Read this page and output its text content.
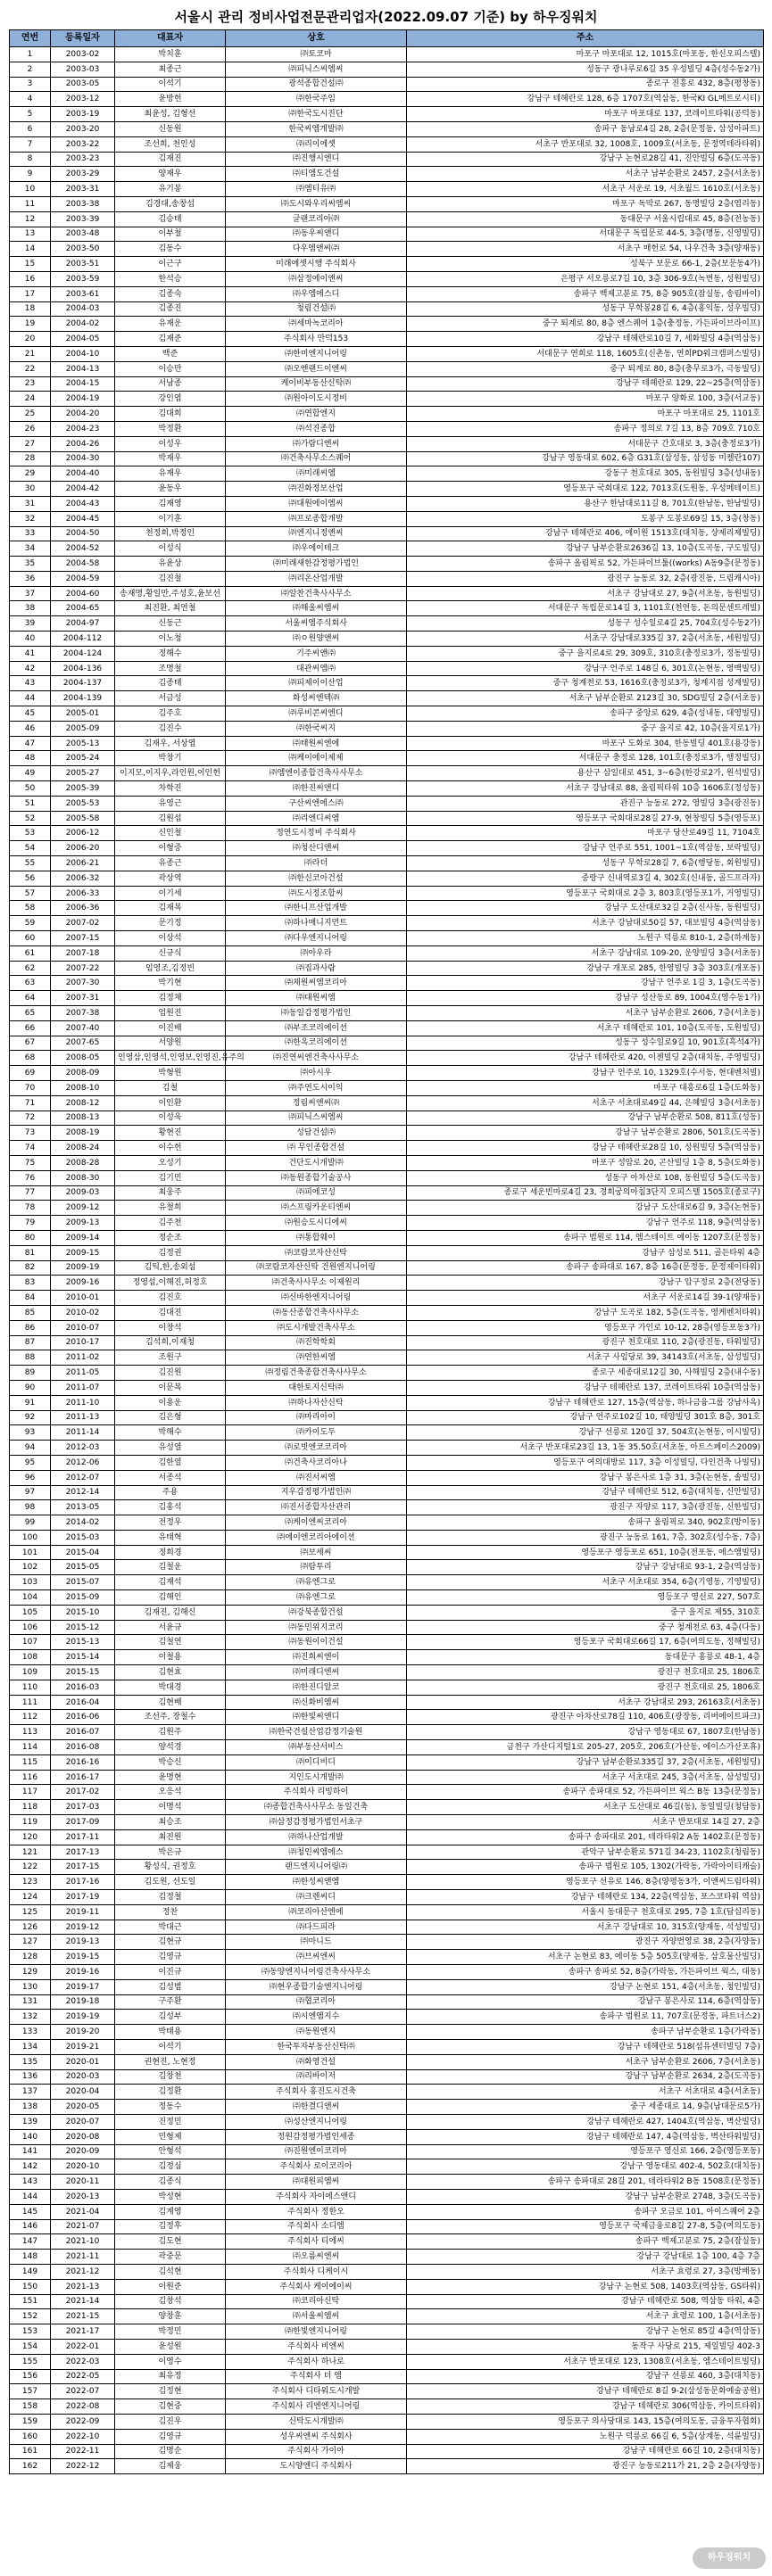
서울시 관리 정비사업전문관리업자(2022.09.07 기준) by 하우징워치
연번	등록일자	대표자	상호	주소
1	2003-02	박치훈	㈜토코마	마포구 마포대로 12, 1015호(마포동, 한신오피스텔)
2	2003-03	최종근	㈜피닉스씨엠씨	성동구 광나루로6길 35 우성빌딩 4층(성수동2가)
3	2003-05	이석기	광석종합건설㈜	종로구 진흥로 432, 8층(평창동)
4	2003-12	윤방헌	㈜한국주임	강남구 테헤란로 128, 6층 1707호(역삼동, 한국KI GL메트로시티)
5	2003-19	최윤성, 김형선	㈜한국도시진단	마포구 마포대로 137, 코레이트타워(공덕동)
6	2003-20	신동원	한국씨엠개발㈜	송파구 동남로4길 28, 2층(문정동, 삼성아파트)
7	2003-22	조선희, 천인성	㈜리이에셋	서초구 반포대로 32, 1008호, 1009호(서초동, 문정역테라타워)
8	2003-23	김재진	㈜진행시엔디	강남구 논현로28길 41, 진안빌딩 6층(도곡동)
9	2003-29	양재우	㈜티엠도건설	서초구 남부순환로 2457, 2층(서초동)
10	2003-31	유기봉	㈜엠티유㈜	서초구 서운로 19, 서초월드 1610호(서초동)
11	2003-38	김경대,송창섭	㈜도시와우리씨엠씨	마포구 독막로 267, 동명빌딩 2층(염리동)
12	2003-39	김승태	글랜코리아㈜	동대문구 서울시립대로 45, 8층(전농동)
13	2003-48	이부철	㈜동우씨앤디	서대문구 독립문로 44-5, 3층(명동, 신영빌딩)
14	2003-50	김동수	다우엠앤씨㈜	서초구 매헌로 54, 나우건축 3층(양재동)
15	2003-51	이근구	미래에셋시행 주식회사	성북구 보문로 66-1, 2층(보문동4가)
16	2003-59	한석승	㈜삼정에이앤씨	은평구 서오릉로7길 10, 3층 306-9호(녹번동, 성원빌딩)
17	2003-61	김종숙	㈜우엠에스디	송파구 백제고분로 75, 8층 905호(잠실동, 송림바이)
18	2004-03	김종진	청림건설㈜	성동구 무학봉28길 6, 4층(홍익동, 성우빌딩)
19	2004-02	유재운	㈜세마녹코리아	중구 퇴계로 80, 8층 엔스퀘어 1층(충정동, 가든파이브라이프)
20	2004-05	김재준	주식회사 만덕153	강남구 테헤란로10길 7, 세화빌딩 4층(역삼동)
21	2004-10	백준	㈜한미엔지니어링	서대문구 연희로 118, 1605호(신촌동, 연희PD워크캠퍼스빌딩)
22	2004-13	이승만	㈜오엔랜드이엔씨	중구 퇴계로 80, 8층(충무로3가, 극동빌딩)
23	2004-15	서남종	케이비부동산신탁㈜	강남구 테헤란로 129, 22~25층(역삼동)
24	2004-19	강인엽	㈜원아이도시정비	마포구 양화로 100, 3층(서교동)
25	2004-20	김대희	㈜연합엔지	마포구 마포대로 25, 1101호
26	2004-23	박정환	㈜석진종합	송파구 정의로 7길 13, 8층 709호 710호
27	2004-26	이성우	㈜가람디엔씨	서대문구 간호대로 3, 3층(충정로3가)
28	2004-30	박재우	㈜건축사무소스퀘어	강남구 영동대로 602, 6층 G31호(삼성동, 삼성동 미켈란107)
29	2004-40	유재우	㈜미래씨엠	강동구 천호대로 305, 동원빌딩 3층(성내동)
30	2004-42	윤동우	㈜진화정보산업	영등포구 국회대로 122, 7013호(도원동, 우성메테이트)
31	2004-43	김재영	㈜대원에이엠씨	용산구 한남대로11길 8, 701호(한남동, 한남빌딩)
32	2004-45	이기훈	㈜프로종합개발	도봉구 도봉로69길 15, 3층(창동)
33	2004-50	천정희,박정인	㈜엔지니정앤씨	강남구 테헤란로 406, 에이원 1513호(대치동, 샹제리제빌딩)
34	2004-52	이성식	㈜우에이테크	강남구 남부순환로2636길 13, 10층(도곡동, 구도빌딩)
35	2004-58	유윤상	㈜미래새한감정평가법인	송파구 올림픽로 52, 가든파이브툴((works) A동9층(문정동)
36	2004-59	김진철	㈜리온산업개발	광진구 능동로 32, 2층(광진동, 드림캐시아)
37	2004-60	송재명,황일만,주성호,윤보선	㈜알찬건축사사무소	서초구 강남대로 27, 9층(서초동, 동원빌딩)
38	2004-65	최진환, 최연철	㈜해울씨엠씨	서대문구 독립문로14길 3, 1101호(천연동, 돈의문센트레빌)
39	2004-97	신동근	서울씨엠주식회사	성동구 성수일로4길 25, 704호(성수동2가)
40	2004-112	이노청	㈜ㅇ원양앤씨	서초구 강남대로335길 37, 2층(서초동, 세원빌딩)
41	2004-124	정해수	기주씨앤㈜	중구 을지로4로 29, 309호, 310호(충정로3가, 정동빌딩)
42	2004-136	조명철	대관씨엠㈜	강남구 언주로 148길 6, 301호(논현동, 영백빌딩)
43	2004-137	김종태	㈜피제이이산업	중구 청계천로 53, 1616호(충정로3가, 청계지점 성계빌딩)
44	2004-139	서금성	화성씨엔텍㈜	서초구 남부순환로 2123길 30, SDG빌딩 2층(서초동)
45	2005-01	김주호	㈜루비콘씨엔디	송파구 중앙로 629, 4층(성내동, 대영빌딩)
46	2005-09	김진수	㈜한국씨지	중구 을지로 42, 10층(을지로1가)
47	2005-13	김재우, 서상엽	㈜태원씨엔에	마포구 도화로 304, 한동빌딩 401호(용강동)
48	2005-24	박창기	㈜케이에이제제	서대문구 충정로 128, 101호(충정로3가, 행정빌딩)
49	2005-27	이지모,이지우,라인원,이인헌	㈜엠엔이종합건축사사무소	용산구 삼일대로 451, 3~6층(한강로2가, 원석빌딩)
50	2005-39	차학진	㈜한진씨앤디	서초구 강남대로 88, 올림픽타워 10층 1606호(정성동)
51	2005-53	유영근	구산씨엔에스㈜	관진구 능동로 272, 영빌딩 3층(광진동)
52	2005-58	김원섭	㈜리엔디씨엠	영등포구 국회대로28길 27-9, 현창빌딩 5층(영등포)
53	2006-12	신인철	정연도시정비 주식회사	마포구 당산로49길 11, 7104호
54	2006-20	이형중	㈜청산디앤씨	강남구 언주로 551, 1001~1호(역삼동, 보락빌딩)
55	2006-21	유종근	㈜라더	성동구 무학로28길 7, 6층(행당동, 회원빌딩)
56	2006-32	곽상역	㈜한신코아건설	중랑구 신내역로3길 4, 302호(신내동, 골드프라자)
57	2006-33	이기세	㈜도시정조합씨	영등포구 국회대로 2층 3, 803호(영등포1가, 거영빌딩)
58	2006-36	김재복	㈜한니프산업개발	강남구 도산대로32길 2층(신사동, 동원빌딩)
59	2007-02	문기정	㈜하나매니지먼트	서초구 강남대로50길 57, 대보빌딩 4층(역삼동)
60	2007-15	이상석	㈜다우엔지니어링	노원구 덕릉로 810-1, 2층(하계동)
61	2007-18	신규식	㈜아우라	서초구 강남대로 109-20, 운양빌딩 3층(서초동)
62	2007-22	임영조,김정빈	㈜집과사람	강남구 개포로 285, 한영빌딩 3층 303호(개포동)
63	2007-30	박기현	㈜채원씨엠코리아	강남구 언주로 1길 3, 1층(도곡동)
64	2007-31	김정채	㈜대원씨엠	강남구 성산동로 89, 1004호(영수동1가)
65	2007-38	엄원진	㈜동일감정평가법인	서초구 남부순환로 2606, 7층(서초동)
66	2007-40	이진배	㈜부조코리에이션	서초구 테헤란로 101, 10층(도곡동, 도원빌딩)
67	2007-65	서양원	㈜한옥코리에이션	성동구 성수일로9길 10, 901호(흑석4가)
68	2008-05	인영삼,인영석,인영보,인영진,유주의	㈜진연씨엔건축사사무소	강남구 테헤란로 420, 이젠빌딩 2층(대치동, 주영빌딩)
69	2008-09	박형원	㈜아시우	강남구 언주로 10, 1329호(수서동, 현대벤처빌)
70	2008-10	김철	㈜주연도시이익	마포구 대흥로6길 1층(도화동)
71	2008-12	이인환	정림씨앤씨㈜	서초구 서초대로49길 44, 은혜빌딩 3층(서초동)
72	2008-13	이성욱	㈜피닉스씨엠씨	강남구 남부순환로 508, 811호(성동)
73	2008-19	황현진	성담건설㈜	강남구 남부순환로 2806, 501호(도곡동)
74	2008-24	이수헌	㈜ 무인종합건설	강남구 테헤란로28길 10, 성원빌딩 5층(역삼동)
75	2008-28	오성기	건단도시개발㈜	마포구 성암로 20, 곤산빌딩 1층 8, 5층(도화동)
76	2008-30	김기민	㈜동원종합기술공사	성동구 아차산로 108, 동원빌딩 5층(도곡동)
77	2009-03	최웅주	㈜피에코성	종로구 세운빈마로4길 23, 경희궁의아침3단지 오피스텔 1505호(종로구)
78	2009-12	유철희	㈜스프링카운티엔씨	강남구 도산대로6길 9, 3층(논현동)
79	2009-13	김주천	㈜원승도시디에씨	강남구 언주로 118, 9층(역삼동)
80	2009-14	정순조	㈜통합웨이	송파구 법원로 114, 엠스테이트 에이동 1207호(문정동)
81	2009-15	김정권	㈜코람코자산신탁	강남구 삼성로 511, 골든타워 4층
82	2009-19	김틱,한,송외섭	㈜코람코자산신탁 건원엔지니어링	송파구 송파대로 167, 8층 16층(문정동, 문정제이타워)
83	2009-16	정영섭,이해진,허정호	㈜건축사사무소 이제원리	강남구 압구정로 2층(전당동)
84	2010-01	김진호	㈜신바한엔지니어링	서초구 서운로14길 39-1(양재동)
85	2010-02	김대진	㈜동산종합건축사사무소	강남구 도곡로 182, 5층(도곡동, 영케벤처타워)
86	2010-07	이창석	㈜도시개발건축사무소	영등포구 가인로 10-12, 28층(영등포동3가)
87	2010-17	김석희,이재청	㈜진학학회	광진구 천호대로 110, 2층(광진동, 타워빌딩)
88	2011-02	조원구	㈜연한씨엠	서초구 사임당로 39, 34143호(서초동, 삼성빌딩)
89	2011-05	김진원	㈜정림건축종합건축사사무소	종로구 세종대로12길 30, 사해빌딩 2층(내수동)
90	2011-07	이문복	대한토지신탁㈜	강남구 테헤란로 137, 코레이트타워 10층(역삼동)
91	2011-10	이용운	㈜하나자산신탁	강남구 테헤란로 127, 15층(역삼동, 하나금융그룹 강남사옥)
92	2011-13	김은형	㈜마리아이	강남구 언주로102길 10, 태양빌딩 301호 8층, 301호
93	2011-14	박해수	㈜카이도두	강남구 선릉로 120길 37, 504호(논현동, 이시빌딩)
94	2012-03	유성열	㈜로빗엔코코리아	서초구 반포대로23길 13, 1동 35.50호(서초동, 아트스페이스2009)
95	2012-06	김한열	㈜건축사코리아나	영등포구 여의대방로 117, 3층 이성빌딩, 다인건축 나빌딩)
96	2012-07	서종석	㈜진서씨엠	강남구 봉은사로 1층 31, 3층(논현동, 솔빌딩)
97	2012-14	주용	지우감정평가법인㈜	강남구 테헤란로 512, 6층(대치동, 신안빌딩)
98	2013-05	김홍석	㈜진서종합자산관리	광진구 자양로 117, 3층(광진동, 신한빌딩)
99	2014-02	전정우	㈜케이엔씨코리아	송파구 올림픽로 340, 902호(방이동)
100	2015-03	유태혁	㈜에이엔코리아에이션	광진구 능동로 161, 7층, 302호(성수동, 7층)
101	2015-04	정희경	㈜보세씨	영등포구 영등포로 651, 10층(전포동, 에스엠빌딩)
102	2015-05	김철운	㈜탐투리	강남구 강남대로 93-1, 2층(역삼동)
103	2015-07	김재석	㈜유엔그로	서초구 서초대로 354, 6층(기영동, 기영빌딩)
104	2015-09	김해인	㈜유엔그로	영등포구 영신로 227, 507호
105	2015-10	김재진, 김해신	㈜강북종합건설	중구 을지로 제55, 310호
106	2015-12	서윤규	㈜동민위지코리	중구 청계천로 63, 4층(다동)
107	2015-13	김철연	㈜동원이이건설	영등포구 국회대로66길 17, 6층(여의도동, 정해빌딩)
108	2015-14	이철용	㈜진희씨엔이	동대문구 홍릉로 48-1, 4층
109	2015-15	김현효	㈜미래디엔씨	광진구 천호대로 25, 1806호
110	2016-03	박대경	㈜한진디알코	광진구 천호대로 25, 1806호
111	2016-04	김현배	㈜신화비엠씨	서초구 강남대로 293, 26163호(서초동)
112	2016-06	조선주, 장철수	㈜한빛씨앤디	광진구 아차산로78길 110, 406호(광장동, 리버에이트파크)
113	2016-07	김원주	㈜한국건설산업감정기술원	강남구 영동대로 67, 1807호(한남동)
114	2016-08	양석경	㈜부동산서비스	금천구 가산디지털1로 205-27, 205호, 206호(가산동, 에이스가산포휴)
115	2016-16	박승신	㈜이디비디	강남구 남부순환로335길 37, 2층(서초동, 세원빌딩)
116	2016-17	윤명현	지인도시개발㈜	서초구 서초대로 245, 3층(서초동, 삼성빌딩)
117	2017-02	오응석	주식회사 리빙하이	송파구 송파대로 52, 가든파이브 웍스 B동 13층(문정동)
118	2017-03	이명석	㈜종합건축사사무소 동일건축	서초구 도산대로 46길(동), 동일빌딩(청담동)
119	2017-09	최승조	㈜삼정감정평가법인서초구	서초구 반포대로 14길 27, 2층
120	2017-11	최진원	㈜하나산업개발	송파구 송파대로 201, 테라타워2 A동 1402호(문정동)
121	2017-13	박은규	㈜청인씨엠에스	관악구 남부순환로 571길 34-23, 1102호(청림동)
122	2017-15	황성식, 권정호	랜드엔지니어링㈜	송파구 법원로 105, 1302(가락동, 가락아이티캐슬)
123	2017-16	김도원, 선도일	㈜한성씨앤엠	영등포구 선유로 146, 8층(양평동3가, 이앤씨드림타워)
124	2017-19	김정철	㈜크렌씨디	강남구 테헤란로 134, 22층(역삼동, 포스코타워 역삼)
125	2019-11	정찬	㈜코리아산엔에	서울시 동대문구 천호대로 295, 7층 1호(답십리동)
126	2019-12	박대근	㈜다드피라	서초구 강남대로 10, 315호(양재동, 석성빌딩)
127	2019-13	김현규	㈜마니드	광진구 자양번영로 38, 2층(자양동)
128	2019-15	김영규	㈜브씨엔씨	서초구 논현로 83, 에이동 5층 505호(양재동, 삼호물산빌딩)
129	2019-16	이진규	㈜동양엔지니어링건축사사무소	송파구 송파로 52, 8층(가락동, 가든파이브 웍스, 대동)
130	2019-17	김성범	㈜현우종합기술엔지니어링	강남구 논현로 151, 4층(서초동, 청인빌딩)
131	2019-18	구주환	㈜협코리아	강남구 봉은사로 114, 6층(역삼동)
132	2019-19	김성부	㈜시엔엠지수	송파구 법원로 11, 707호(문정동, 파트너스2)
133	2019-20	박태용	㈜동원엔지	송파구 남부순환로 1층(가락동)
134	2019-21	이석기	한국투자부동산신탁㈜	강남구 테헤란로 518(섬유센터빌딩 7층)
135	2020-01	권현진, 노현정	㈜화영건설	서초구 남부순환로 2606, 7층(서초동)
136	2020-03	김창천	㈜리바이저	강남구 남부순환로 2634, 2층(도곡동)
137	2020-04	김정환	주식회사 홍진도시건축	서초구 서초대로 4층(서초동)
138	2020-05	정동수	㈜한결디앤씨	중구 세종대로 14, 9층(남대문로5가)
139	2020-07	진정민	㈜성산엔지니어링	강남구 테헤란로 427, 1404호(역삼동, 벽산빌딩)
140	2020-08	민형제	정원감정평가법인세종	강남구 테헤란로 147, 4층(역삼동, 벽산타워빌딩)
141	2020-09	안형석	㈜진원엔이코리아	영등포구 영신로 166, 2층(영등포동)
142	2020-10	김정심	주식회사 로이코리아	강남구 영동대로 402-4, 502호(대치동)
143	2020-11	김종식	㈜대원피엠씨	송파구 송파대로 28길 201, 테라타워2 B동 1508호(문정동)
144	2020-13	박성현	주식회사 자이에스앤디	강남구 남부순환로 2748, 3층(도곡동)
145	2021-04	김계영	주식회사 정한오	송파구 오금로 101, 아이스퀘어 2층
146	2021-07	김정후	주식회사 소디엠	영등포구 국제금융로8길 27-8, 5층(여의도동)
147	2021-10	김도현	주식회사 티에씨	송파구 백제고분로 75, 2층(잠실동)
148	2021-11	곽중문	㈜오름씨엔씨	강남구 강남대로 1층 100, 4층 7층
149	2021-12	김석현	주식회사 디케이시	서초구 효령로 27, 3층(방배동)
150	2021-13	이원준	주식회사 케이에이씨	강남구 논현로 508, 1403호(역삼동, GS타워)
151	2021-14	김창석	㈜코리아신탁	강남구 테헤란로 508, 역삼동 타워, 4층
152	2021-15	양창훈	㈜서울씨엠씨	서초구 효령로 100, 1층(서초동)
153	2021-17	박정민	㈜한빛엔지니어링	강남구 논현로 85길 4층(역삼동)
154	2022-01	윤성원	주식회사 비엔씨	동작구 사당로 215, 제일빌딩 402-3
155	2022-03	이영수	주식회사 하나로	서초구 반포대로 123, 1308호(서초동, 엠스테이트빌딩)
156	2022-05	최유정	주식회사 더 엠	강남구 선릉로 460, 3층(대치동)
157	2022-07	김정현	주식회사 디타워도시개발	강남구 테헤란로 8길 9-2(삼성동문화예술공원)
158	2022-08	김현중	주식회사 리엔엔지니어링	강남구 테헤란로 306(역삼동, 카이트타워)
159	2022-09	김진우	신탁도시개발㈜	영등포구 의사당대로 143, 15층(여의도동, 금융투자협회)
160	2022-10	김영규	성우씨엔씨 주식회사	노원구 덕릉로 66길 6, 5층(상계동, 석륜빌딩)
161	2022-11	김명순	주식회사 가이아	강남구 테헤란로 66길 10, 2층(대치동)
162	2022-12	김제웅	도시양엔디 주식회사	광진구 능동로211가 21, 2층 2층(자양동)
하우징워치
